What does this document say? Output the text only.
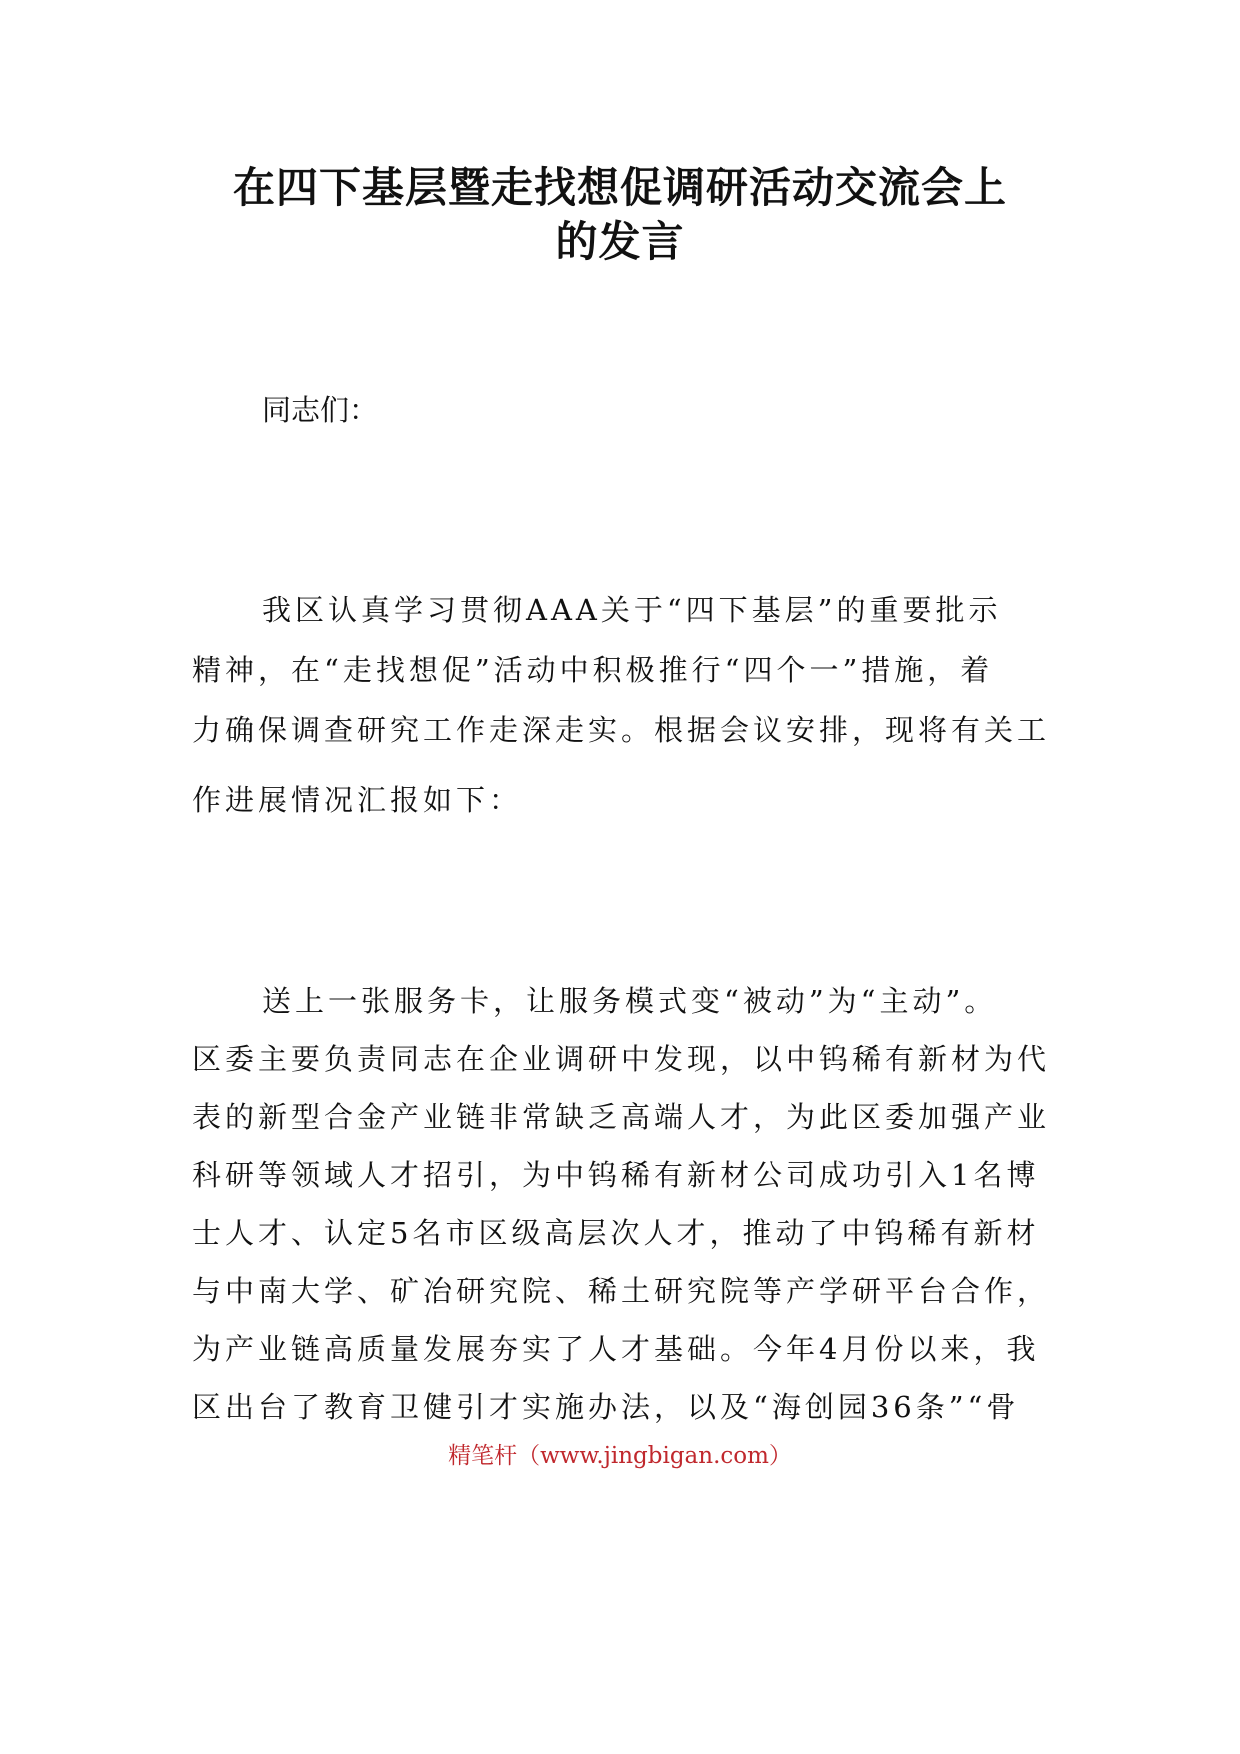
在四下基层暨走找想促调研活动交流会上
的发言

同志们：

我区认真学习贯彻AAA关于“四下基层”的重要批示
精神，在“走找想促”活动中积极推行“四个一”措施，着
力确保调查研究工作走深走实。根据会议安排，现将有关工
作进展情况汇报如下：
送上一张服务卡，让服务模式变“被动”为“主动”。
区委主要负责同志在企业调研中发现，以中钨稀有新材为代
表的新型合金产业链非常缺乏高端人才，为此区委加强产业
科研等领域人才招引，为中钨稀有新材公司成功引入1名博
士人才、认定5名市区级高层次人才，推动了中钨稀有新材
与中南大学、矿冶研究院、稀土研究院等产学研平台合作，
为产业链高质量发展夯实了人才基础。今年4月份以来，我
区出台了教育卫健引才实施办法，以及“海创园36条”“骨

精笔杆（www.jingbigan.com）
